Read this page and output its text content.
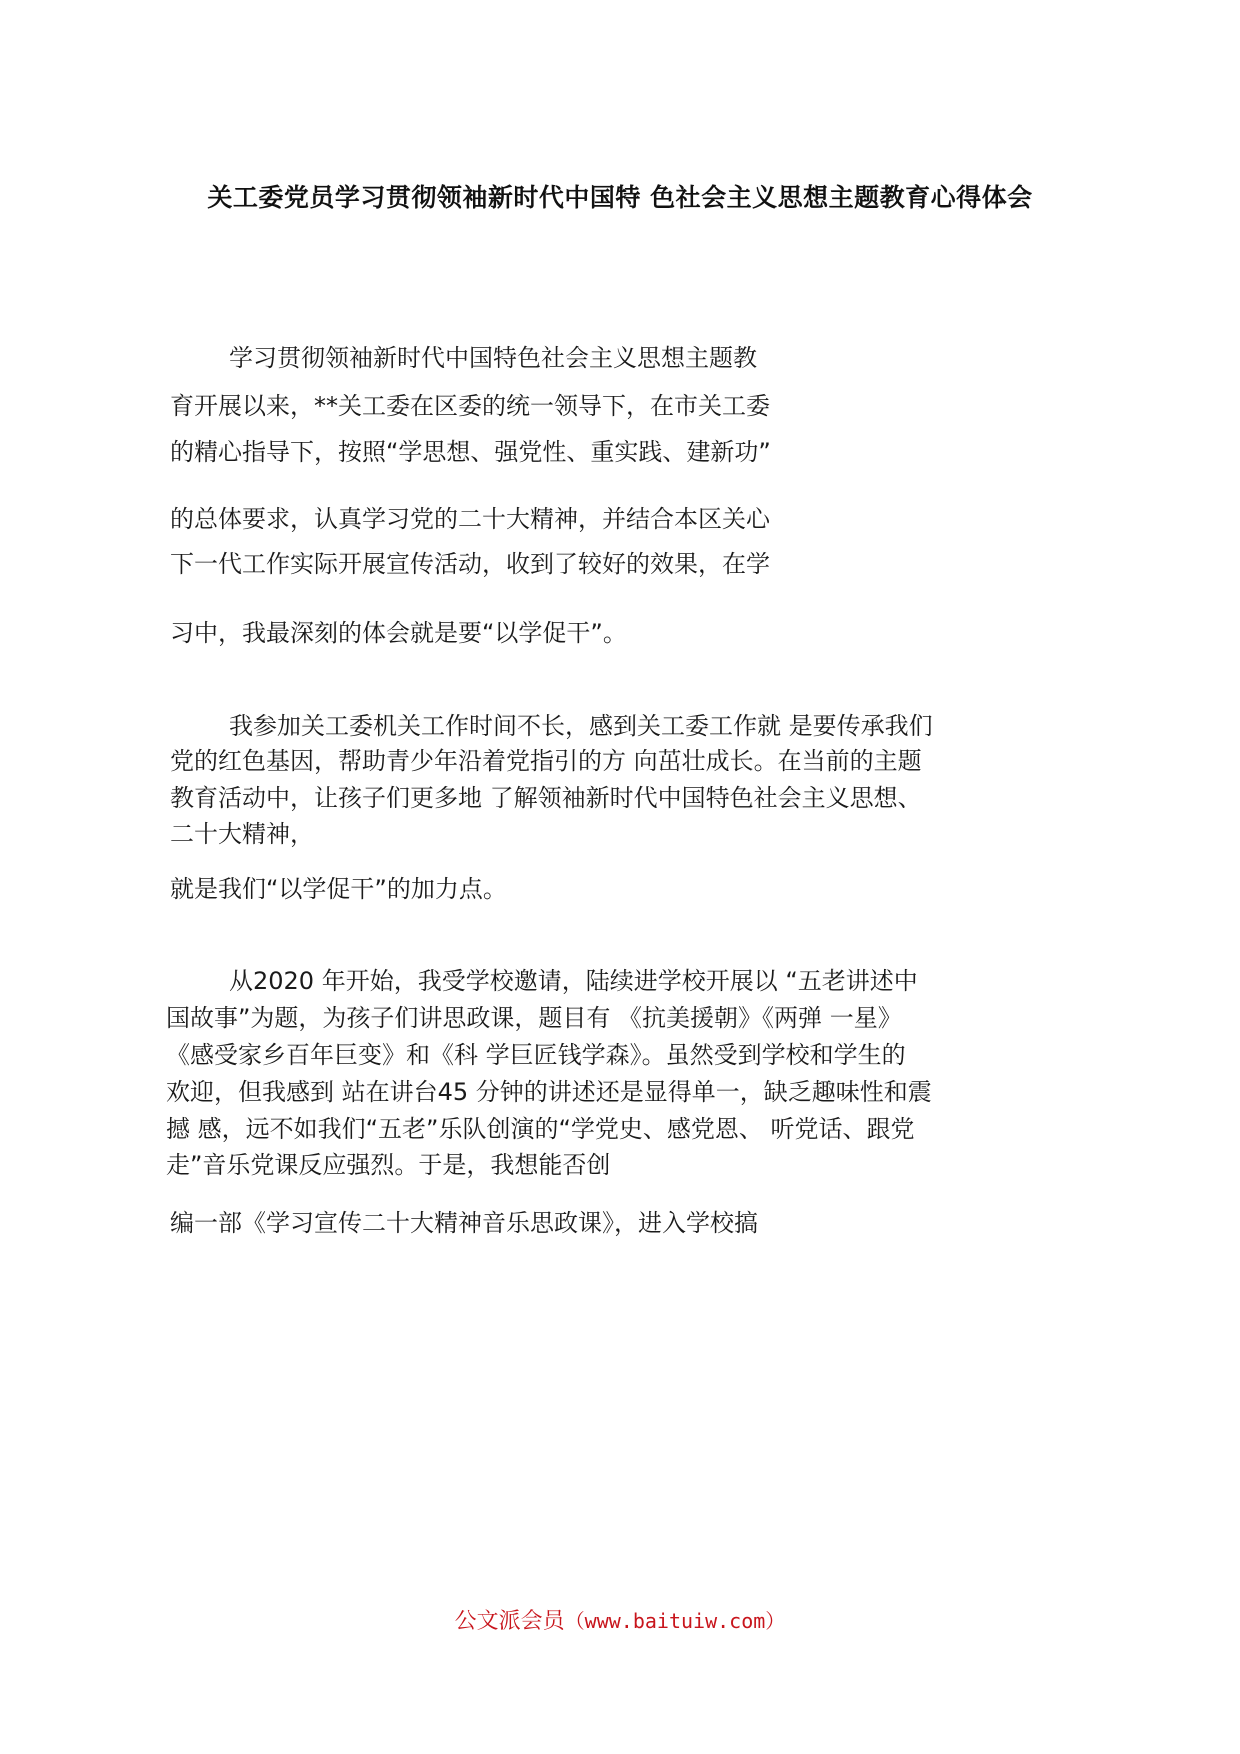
关工委党员学习贯彻领袖新时代中国特 色社会主义思想主题教育心得体会
学习贯彻领袖新时代中国特色社会主义思想主题教
育开展以来，**关工委在区委的统一领导下，在市关工委
的精心指导下，按照“学思想、强党性、重实践、建新功”
的总体要求，认真学习党的二十大精神，并结合本区关心
下一代工作实际开展宣传活动，收到了较好的效果，在学
习中，我最深刻的体会就是要“以学促干”。
我参加关工委机关工作时间不长，感到关工委工作就 是要传承我们
党的红色基因，帮助青少年沿着党指引的方 向茁壮成长。在当前的主题
教育活动中，让孩子们更多地 了解领袖新时代中国特色社会主义思想、
二十大精神，
就是我们“以学促干”的加力点。
从2020 年开始，我受学校邀请，陆续进学校开展以 “五老讲述中
国故事”为题，为孩子们讲思政课，题目有 《抗美援朝》《两弹 一星》
《感受家乡百年巨变》和《科 学巨匠钱学森》。虽然受到学校和学生的
欢迎，但我感到 站在讲台45 分钟的讲述还是显得单一，缺乏趣味性和震
撼 感，远不如我们“五老”乐队创演的“学党史、感党恩、 听党话、跟党
走”音乐党课反应强烈。于是，我想能否创
编一部《学习宣传二十大精神音乐思政课》，进入学校搞
公文派会员（www.baituiw.com）
